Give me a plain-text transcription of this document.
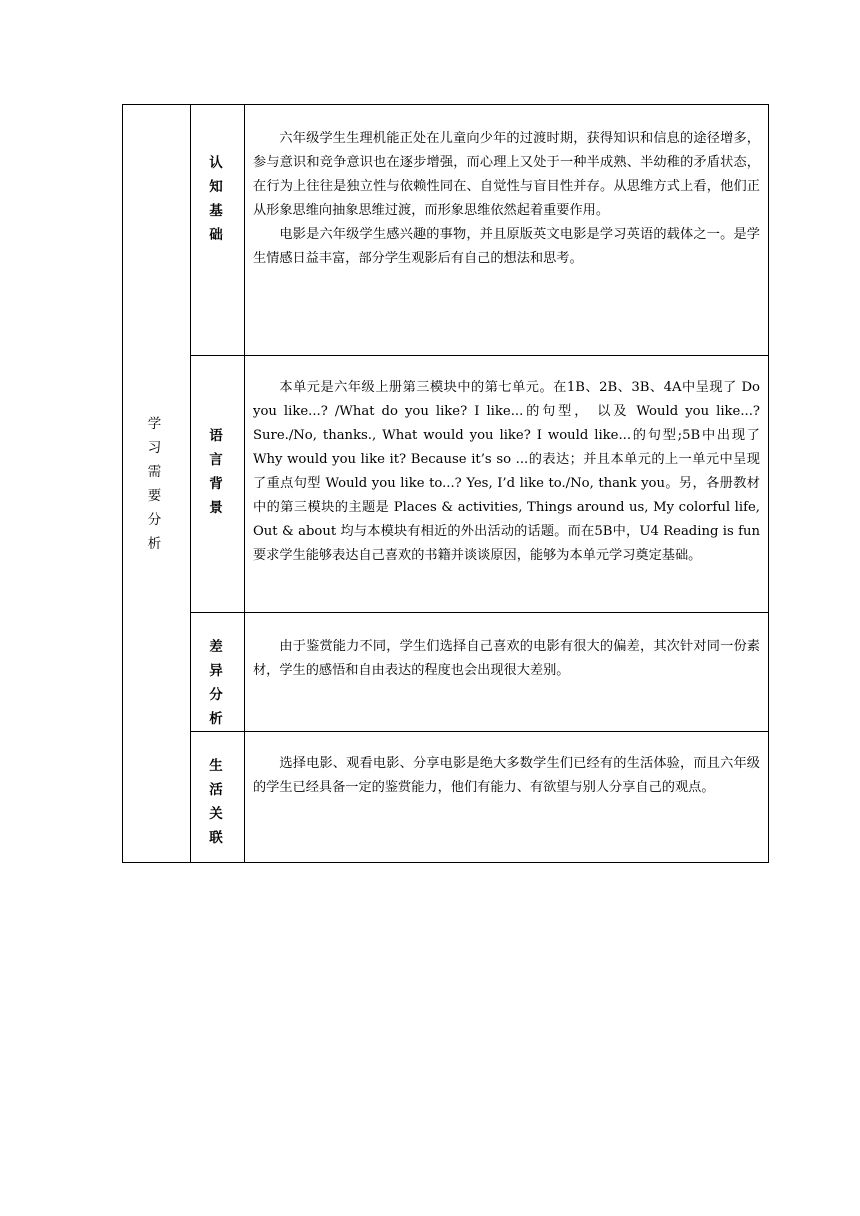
学习需要分析	认知基础	六年级学生生理机能正处在儿童向少年的过渡时期，获得知识和信息的途径增多，参与意识和竞争意识也在逐步增强，而心理上又处于一种半成熟、半幼稚的矛盾状态，在行为上往往是独立性与依赖性同在、自觉性与盲目性并存。从思维方式上看，他们正从形象思维向抽象思维过渡，而形象思维依然起着重要作用。

电影是六年级学生感兴趣的事物，并且原版英文电影是学习英语的载体之一。是学生情感日益丰富，部分学生观影后有自己的想法和思考。

	语言背景	本单元是六年级上册第三模块中的第七单元。在1B、2B、3B、4A中呈现了 Do you like...? /What do you like? I like...的句型， 以及 Would you like...? Sure./No, thanks., What would you like? I would like...的句型;5B中出现了 Why would you like it? Because it’s so ...的表达；并且本单元的上一单元中呈现了重点句型 Would you like to...? Yes, I’d like to./No, thank you。另，各册教材中的第三模块的主题是 Places & activities, Things around us, My colorful life, Out & about 均与本模块有相近的外出活动的话题。而在5B中，U4 Reading is fun 要求学生能够表达自己喜欢的书籍并谈谈原因，能够为本单元学习奠定基础。

	差异分析	由于鉴赏能力不同，学生们选择自己喜欢的电影有很大的偏差，其次针对同一份素材，学生的感悟和自由表达的程度也会出现很大差别。

	生活关联	选择电影、观看电影、分享电影是绝大多数学生们已经有的生活体验，而且六年级的学生已经具备一定的鉴赏能力，他们有能力、有欲望与别人分享自己的观点。
